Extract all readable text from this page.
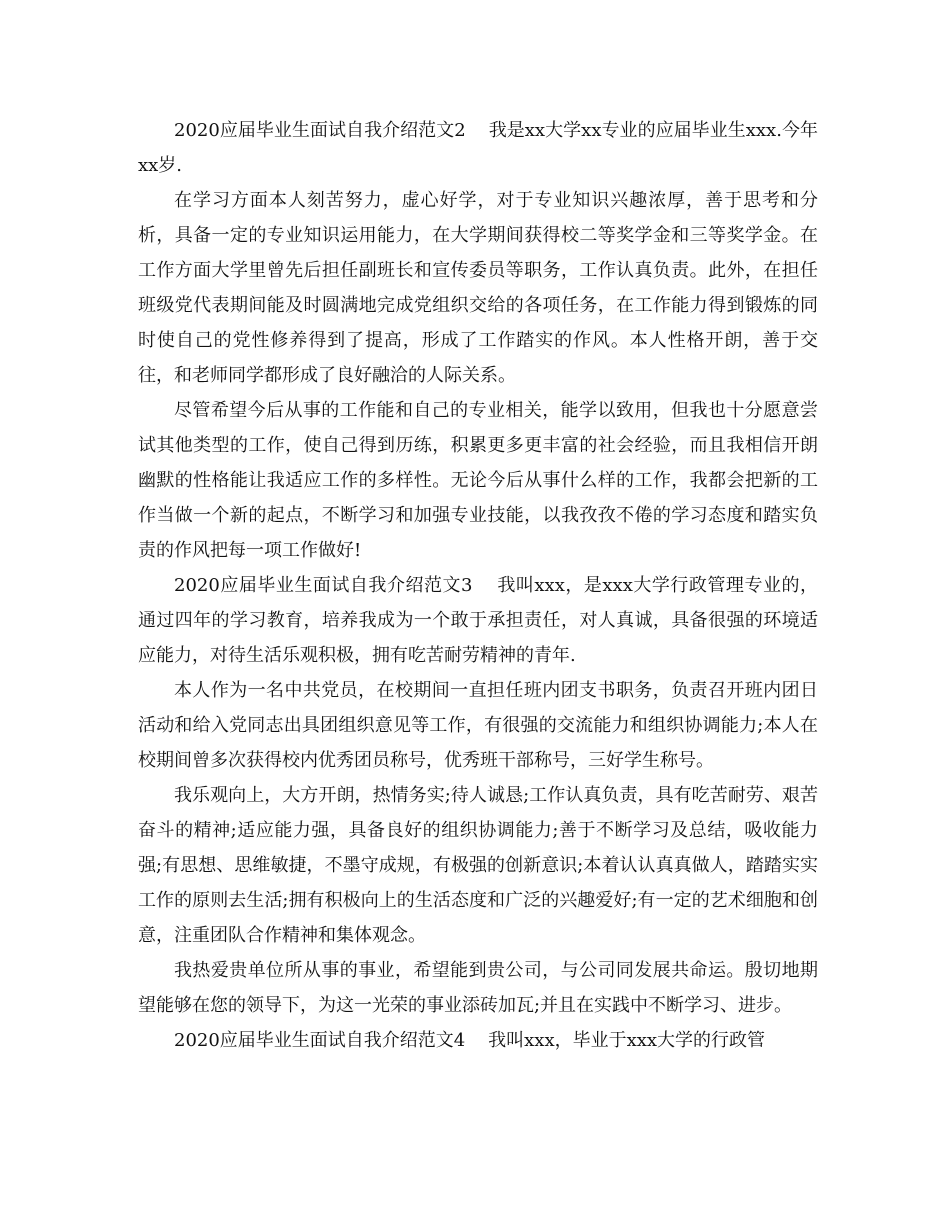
2020应届毕业生面试自我介绍范文2    我是xx大学xx专业的应届毕业生xxx.今年xx岁.

在学习方面本人刻苦努力，虚心好学，对于专业知识兴趣浓厚，善于思考和分析，具备一定的专业知识运用能力，在大学期间获得校二等奖学金和三等奖学金。在工作方面大学里曾先后担任副班长和宣传委员等职务，工作认真负责。此外，在担任班级党代表期间能及时圆满地完成党组织交给的各项任务，在工作能力得到锻炼的同时使自己的党性修养得到了提高，形成了工作踏实的作风。本人性格开朗，善于交往，和老师同学都形成了良好融洽的人际关系。

尽管希望今后从事的工作能和自己的专业相关，能学以致用，但我也十分愿意尝试其他类型的工作，使自己得到历练，积累更多更丰富的社会经验，而且我相信开朗幽默的性格能让我适应工作的多样性。无论今后从事什么样的工作，我都会把新的工作当做一个新的起点，不断学习和加强专业技能，以我孜孜不倦的学习态度和踏实负责的作风把每一项工作做好!

2020应届毕业生面试自我介绍范文3    我叫xxx，是xxx大学行政管理专业的，通过四年的学习教育，培养我成为一个敢于承担责任，对人真诚，具备很强的环境适应能力，对待生活乐观积极，拥有吃苦耐劳精神的青年.

本人作为一名中共党员，在校期间一直担任班内团支书职务，负责召开班内团日活动和给入党同志出具团组织意见等工作，有很强的交流能力和组织协调能力;本人在校期间曾多次获得校内优秀团员称号，优秀班干部称号，三好学生称号。

我乐观向上，大方开朗，热情务实;待人诚恳;工作认真负责，具有吃苦耐劳、艰苦奋斗的精神;适应能力强，具备良好的组织协调能力;善于不断学习及总结，吸收能力强;有思想、思维敏捷，不墨守成规，有极强的创新意识;本着认认真真做人，踏踏实实工作的原则去生活;拥有积极向上的生活态度和广泛的兴趣爱好;有一定的艺术细胞和创意，注重团队合作精神和集体观念。

我热爱贵单位所从事的事业，希望能到贵公司，与公司同发展共命运。殷切地期望能够在您的领导下，为这一光荣的事业添砖加瓦;并且在实践中不断学习、进步。

2020应届毕业生面试自我介绍范文4    我叫xxx，毕业于xxx大学的行政管
